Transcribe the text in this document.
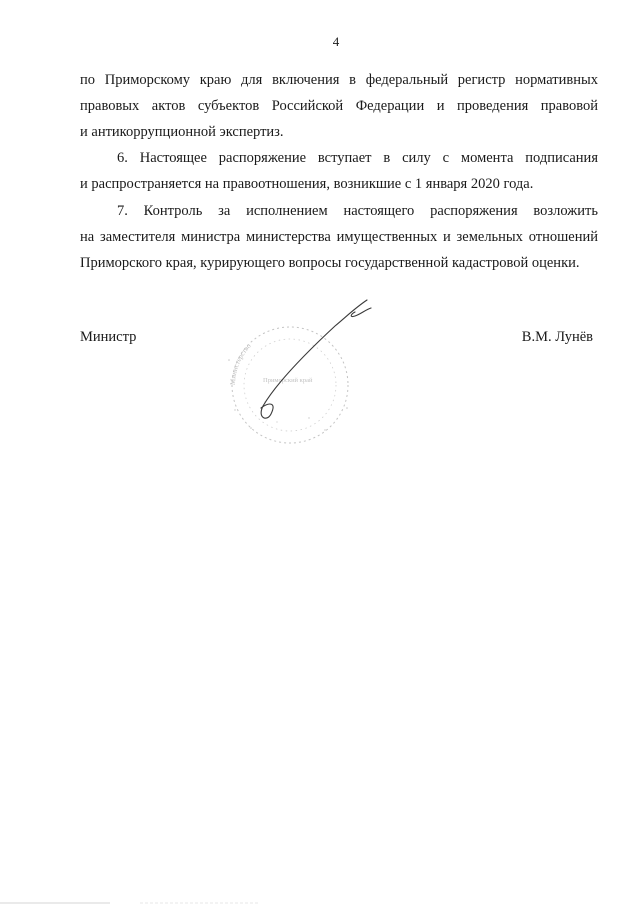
4
по Приморскому краю для включения в федеральный регистр нормативных
правовых актов субъектов Российской Федерации и проведения правовой
и антикоррупционной экспертиз.
6. Настоящее распоряжение вступает в силу с момента подписания
и распространяется на правоотношения, возникшие с 1 января 2020 года.
7. Контроль за исполнением настоящего распоряжения возложить
на заместителя министра министерства имущественных и земельных отношений
Приморского края, курирующего вопросы государственной кадастровой оценки.
Министр	В.М. Лунёв
Министерство
Приморский край
